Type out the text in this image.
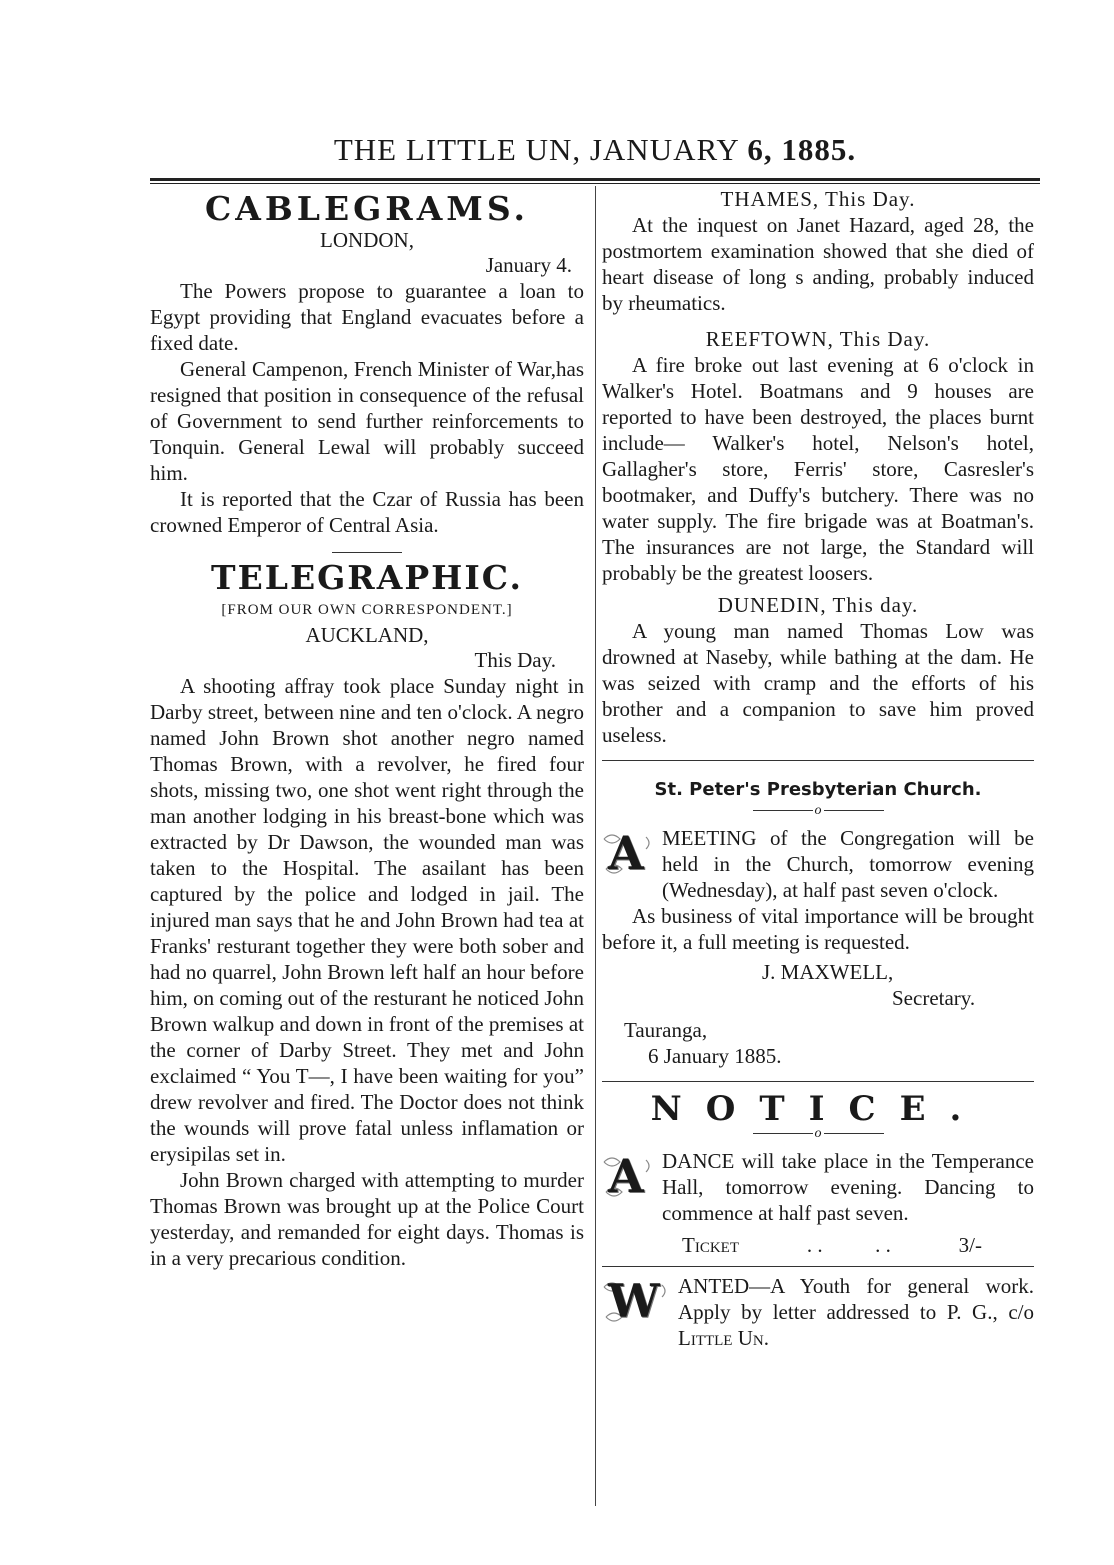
THE LITTLE UN, JANUARY 6, 1885.
CABLEGRAMS.
LONDON,
January 4.

The Powers propose to guarantee a loan to Egypt providing that England evacuates before a fixed date.

General Campenon, French Minister of War,has resigned that position in consequence of the refusal of Government to send further reinforcements to Tonquin. General Lewal will probably succeed him.

It is reported that the Czar of Russia has been crowned Emperor of Central Asia.

TELEGRAPHIC.
[FROM OUR OWN CORRESPONDENT.]
AUCKLAND,
This Day.

A shooting affray took place Sunday night in Darby street, between nine and ten o'clock. A negro named John Brown shot another negro named Thomas Brown, with a revolver, he fired four shots, missing two, one shot went right through the man another lodging in his breast-bone which was extracted by Dr Dawson, the wounded man was taken to the Hospital. The asailant has been captured by the police and lodged in jail. The injured man says that he and John Brown had tea at Franks' resturant together they were both sober and had no quarrel, John Brown left half an hour before him, on coming out of the resturant he noticed John Brown walkup and down in front of the premises at the corner of Darby Street. They met and John exclaimed “ You T—, I have been waiting for you” drew revolver and fired. The Doctor does not think the wounds will prove fatal unless inflamation or erysipilas set in.

John Brown charged with attempting to murder Thomas Brown was brought up at the Police Court yesterday, and remanded for eight days. Thomas is in a very precarious condition.

THAMES, This Day.

At the inquest on Janet Hazard, aged 28, the postmortem examination showed that she died of heart disease of long s anding, probably induced by rheumatics.

REEFTOWN, This Day.

A fire broke out last evening at 6 o'clock in Walker's Hotel. Boatmans and 9 houses are reported to have been destroyed, the places burnt include— Walker's hotel, Nelson's hotel, Gallagher's store, Ferris' store, Casresler's bootmaker, and Duffy's butchery. There was no water supply. The fire brigade was at Boatman's. The insurances are not large, the Standard will probably be the greatest loosers.

DUNEDIN, This day.

A young man named Thomas Low was drowned at Naseby, while bathing at the dam. He was seized with cramp and the efforts of his brother and a companion to save him proved useless.

St. Peter's Presbyterian Church.
o
A MEETING of the Congregation will be held in the Church, tomorrow evening (Wednesday), at half past seven o'clock.

As business of vital importance will be brought before it, a full meeting is requested.

J. MAXWELL,
Secretary.
Tauranga,
6 January 1885.
NOTICE.
o
A DANCE will take place in the Temperance Hall, tomorrow evening. Dancing to commence at half past seven.

Ticket	. .          . .	3/-
W ANTED—A Youth for general work. Apply by letter addressed to P. G., c/o Little Un.
